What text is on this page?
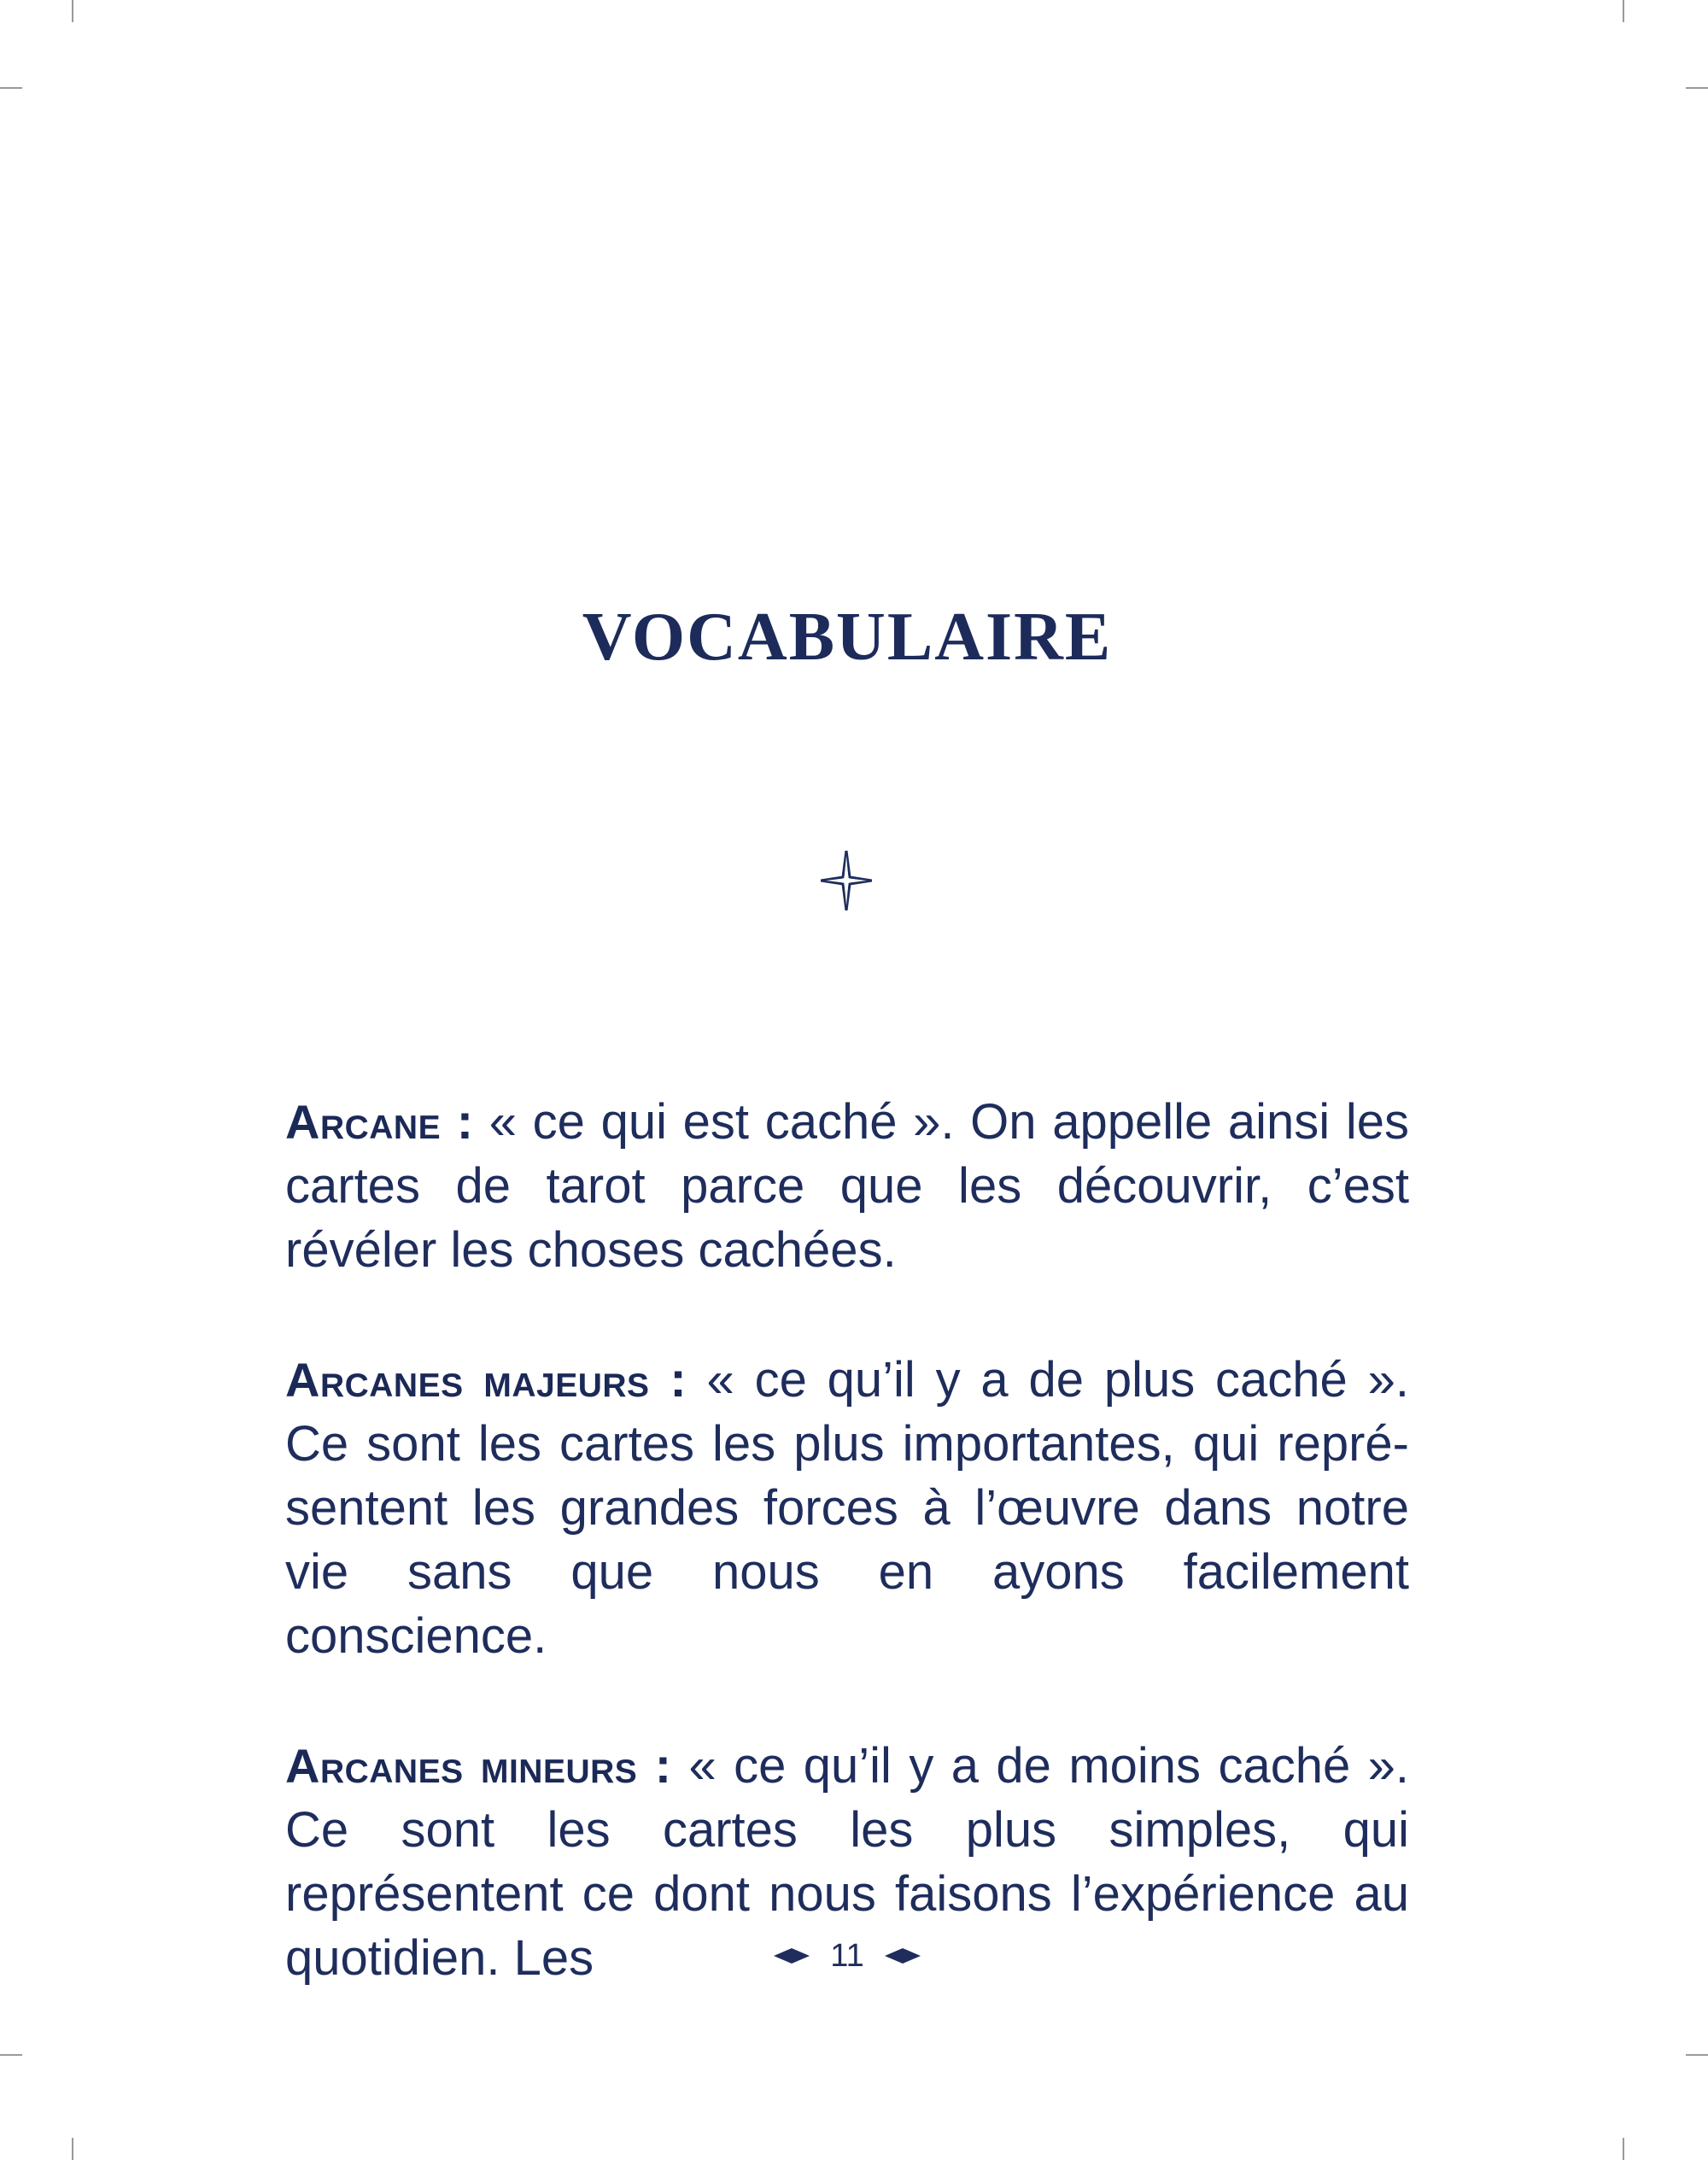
VOCABULAIRE

Arcane : « ce qui est caché ». On appelle ainsi les cartes de tarot parce que les découvrir, c’est révéler les choses cachées.

Arcanes majeurs : « ce qu’il y a de plus caché ». Ce sont les cartes les plus importantes, qui représentent les grandes forces à l’œuvre dans notre vie sans que nous en ayons facilement conscience.

Arcanes mineurs : « ce qu’il y a de moins caché ». Ce sont les cartes les plus simples, qui représentent ce dont nous faisons l’expérience au quotidien. Les	11
